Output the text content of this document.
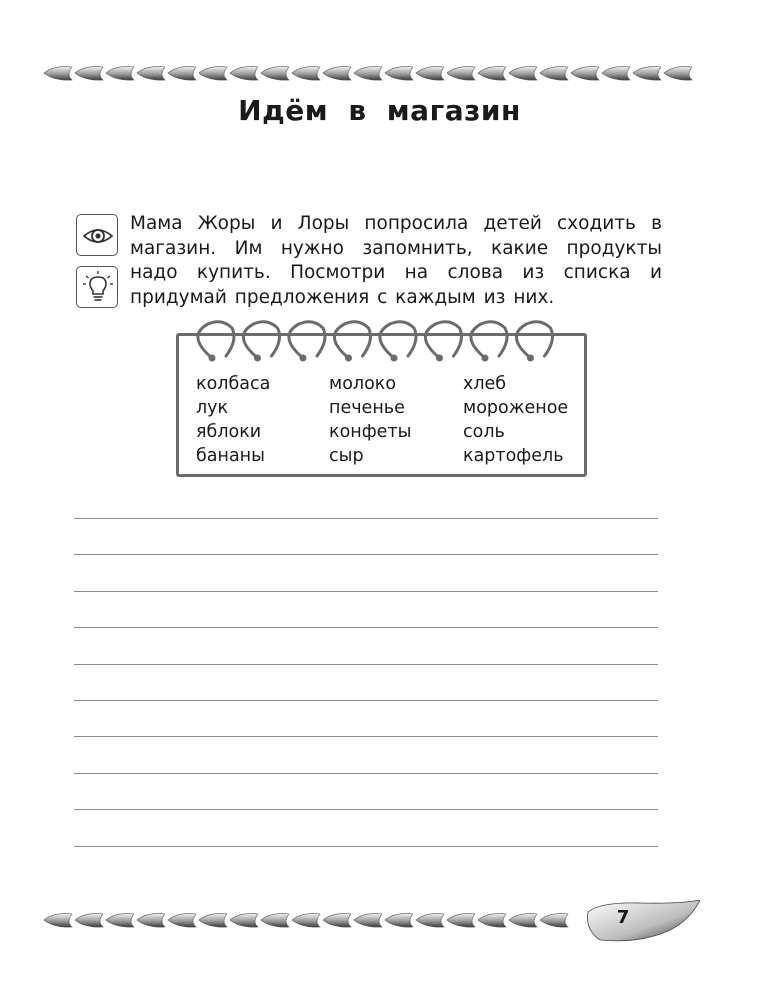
Идём в магазин

Мама Жоры и Лоры попросила детей сходить в магазин. Им нужно запомнить, какие продукты надо купить. Посмотри на слова из списка и придумай предложения с каждым из них.

колбаса
лук
яблоки
бананы
молоко
печенье
конфеты
сыр
хлеб
мороженое
соль
картофель
7
